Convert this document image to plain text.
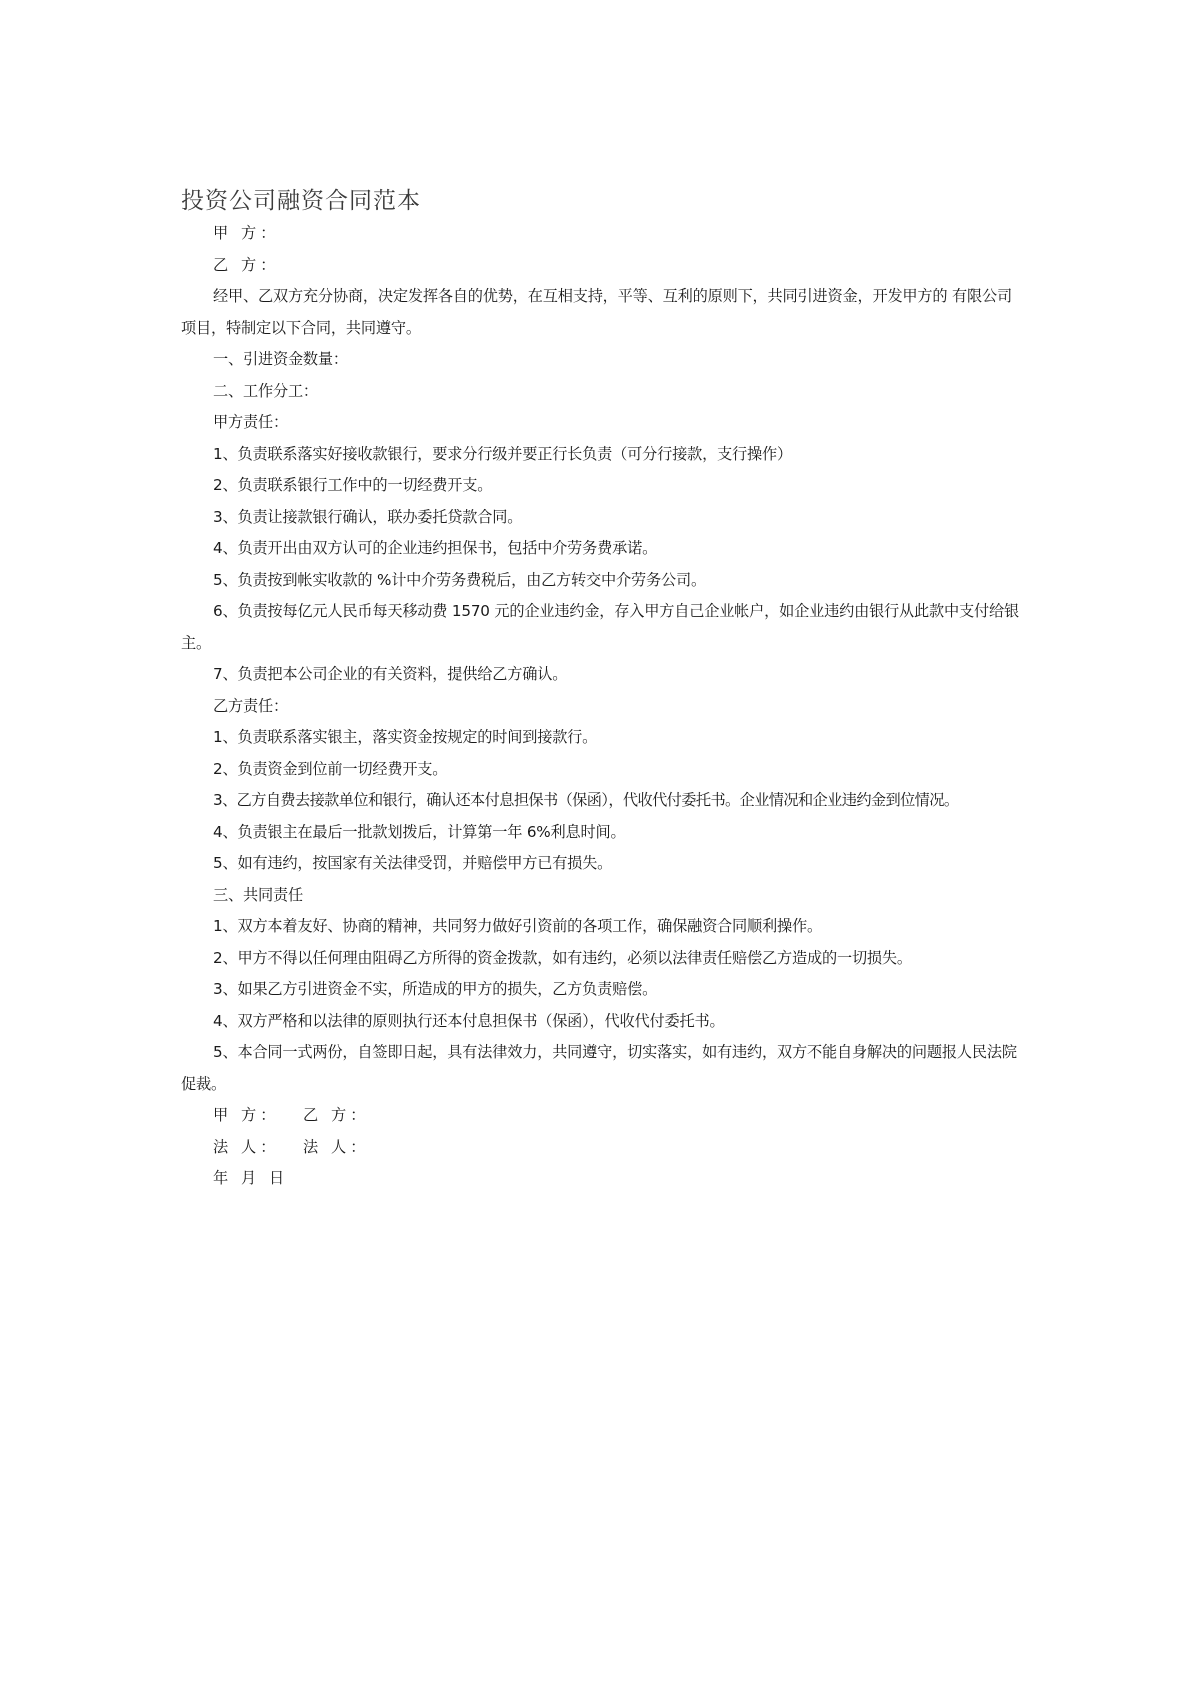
投资公司融资合同范本

甲 方：

乙 方：

经甲、乙双方充分协商，决定发挥各自的优势，在互相支持，平等、互利的原则下，共同引进资金，开发甲方的 有限公司项目，特制定以下合同，共同遵守。

一、引进资金数量：

二、工作分工：

甲方责任：

1、负责联系落实好接收款银行，要求分行级并要正行长负责（可分行接款，支行操作）

2、负责联系银行工作中的一切经费开支。

3、负责让接款银行确认，联办委托贷款合同。

4、负责开出由双方认可的企业违约担保书，包括中介劳务费承诺。

5、负责按到帐实收款的 %计中介劳务费税后，由乙方转交中介劳务公司。

6、负责按每亿元人民币每天移动费 1570 元的企业违约金，存入甲方自己企业帐户，如企业违约由银行从此款中支付给银主。

7、负责把本公司企业的有关资料，提供给乙方确认。

乙方责任：

1、负责联系落实银主，落实资金按规定的时间到接款行。

2、负责资金到位前一切经费开支。

3、乙方自费去接款单位和银行，确认还本付息担保书（保函），代收代付委托书。企业情况和企业违约金到位情况。

4、负责银主在最后一批款划拨后，计算第一年 6%利息时间。

5、如有违约，按国家有关法律受罚，并赔偿甲方已有损失。

三、共同责任

1、双方本着友好、协商的精神，共同努力做好引资前的各项工作，确保融资合同顺利操作。

2、甲方不得以任何理由阻碍乙方所得的资金拨款，如有违约，必须以法律责任赔偿乙方造成的一切损失。

3、如果乙方引进资金不实，所造成的甲方的损失，乙方负责赔偿。

4、双方严格和以法律的原则执行还本付息担保书（保函），代收代付委托书。

5、本合同一式两份，自签即日起，具有法律效力，共同遵守，切实落实，如有违约，双方不能自身解决的问题报人民法院促裁。

甲 方：	乙 方：
法 人：	法 人：
年 月 日
